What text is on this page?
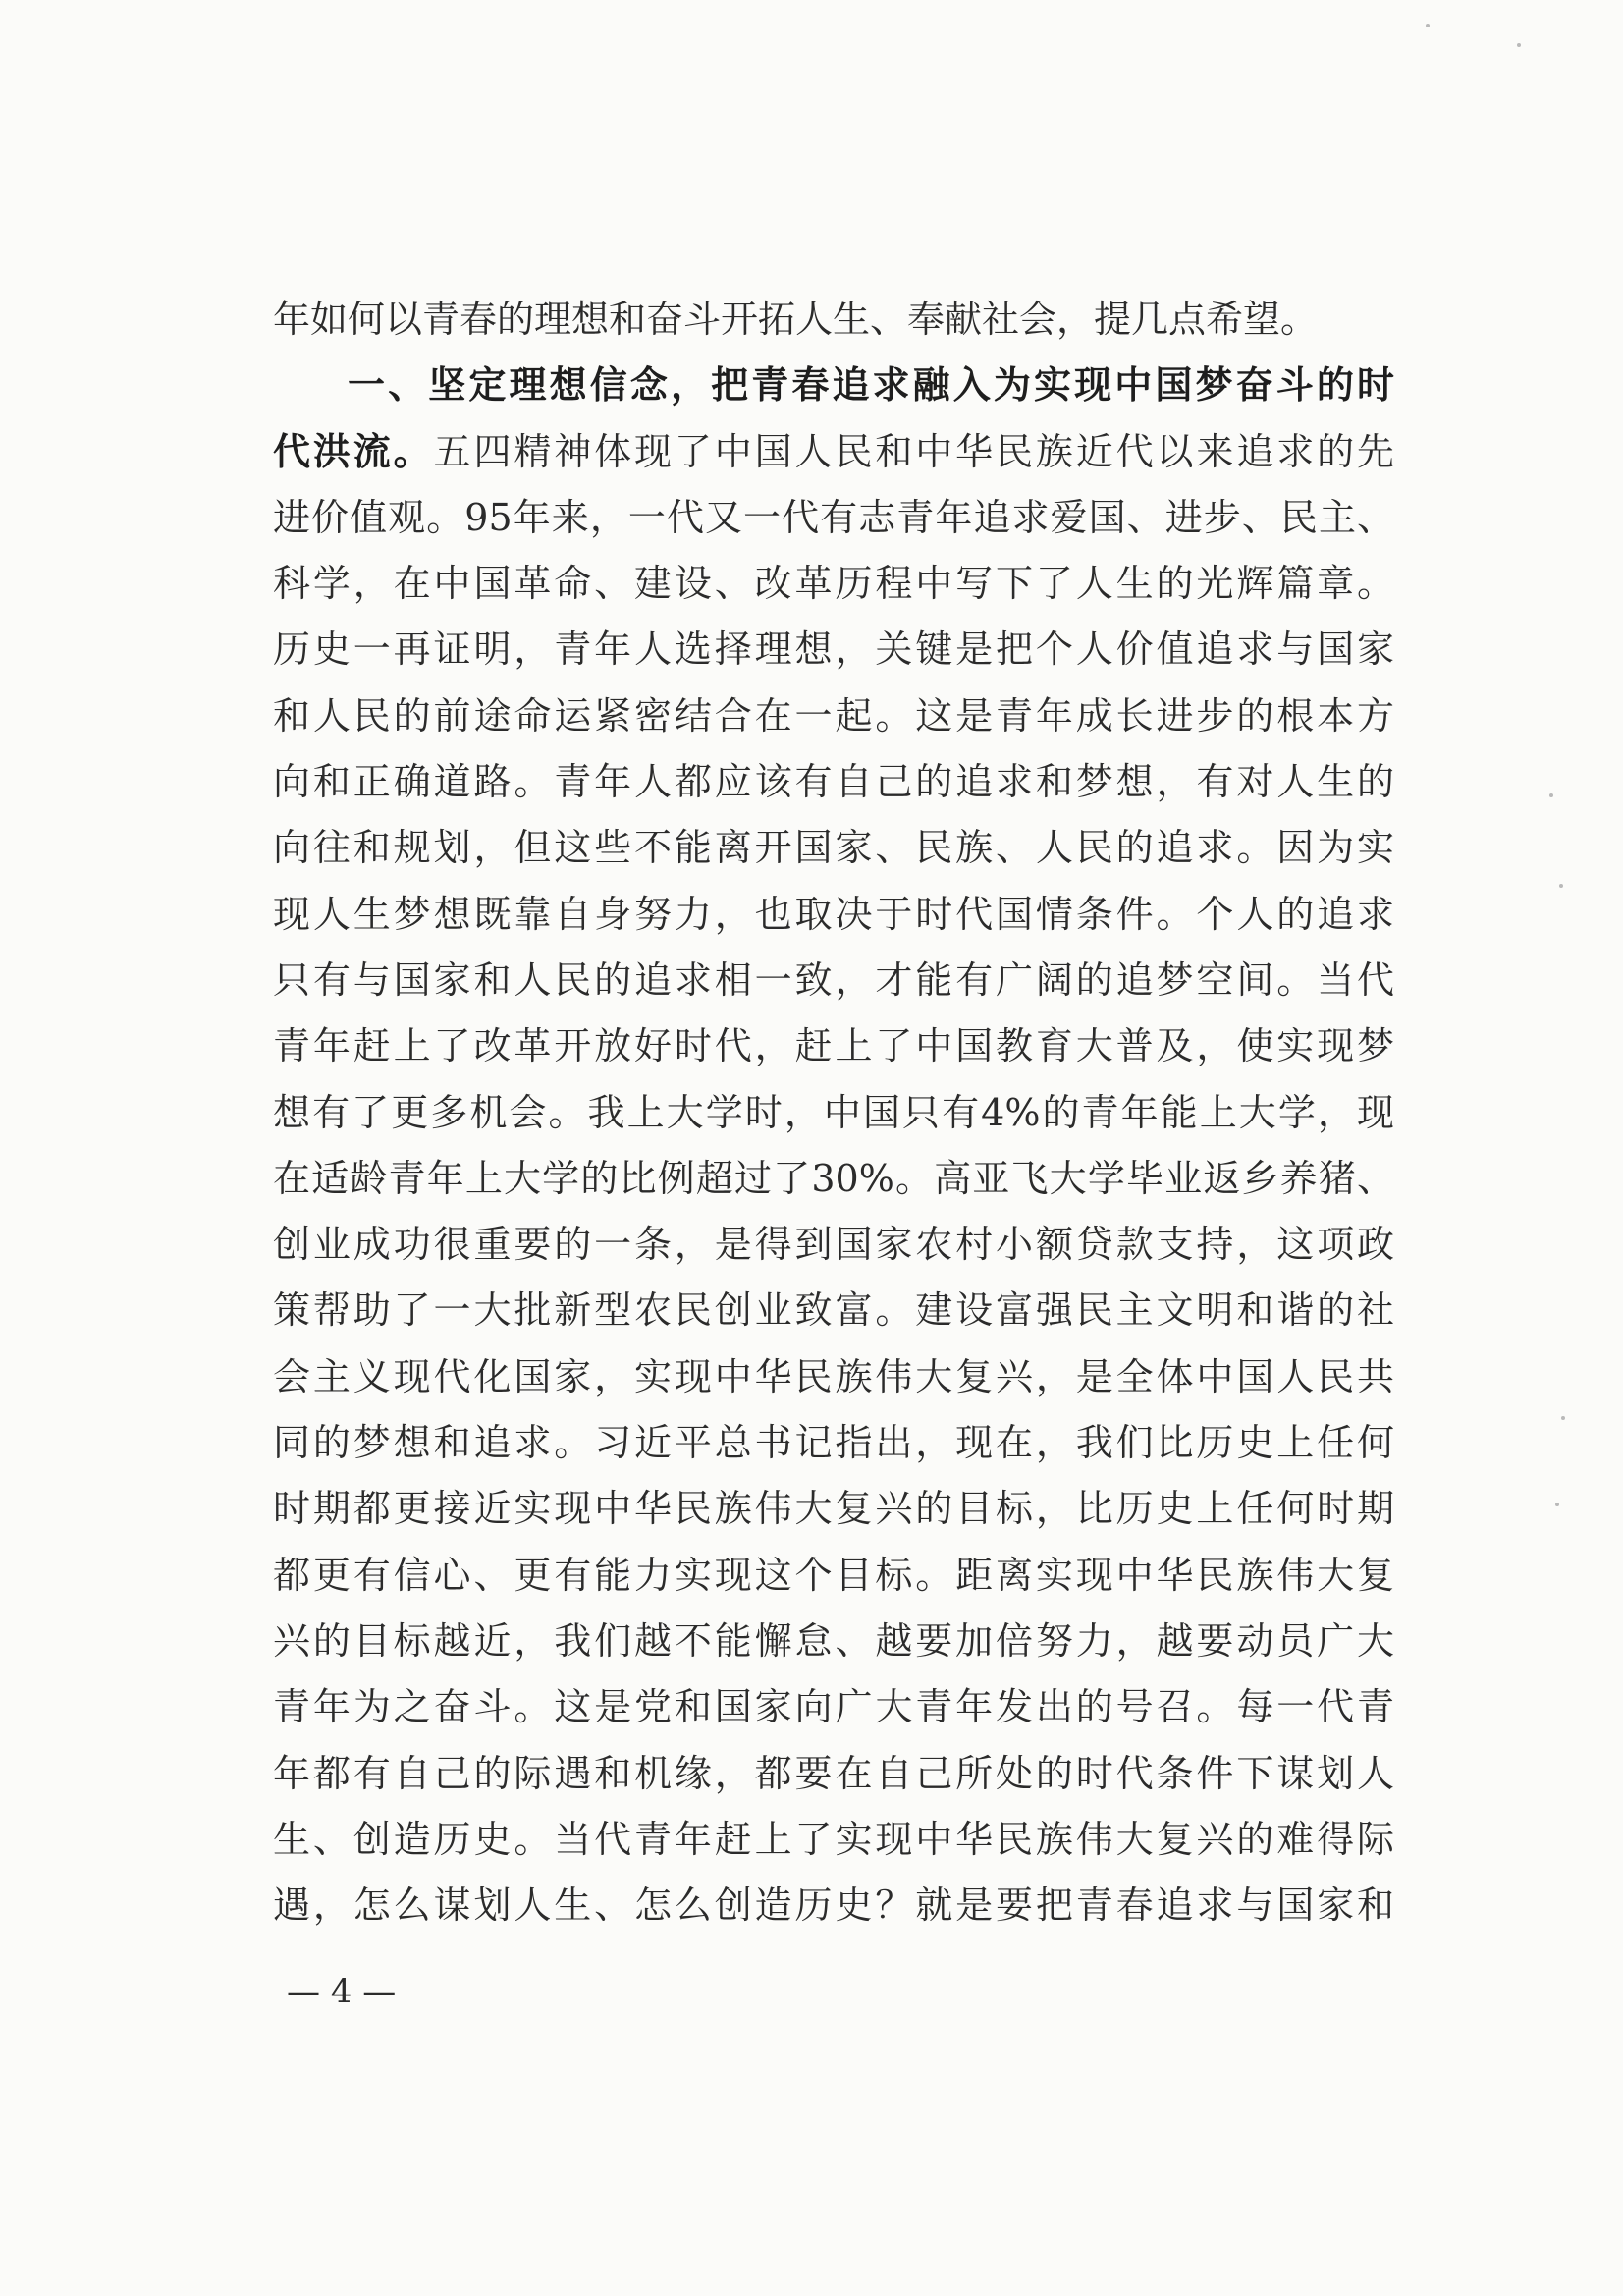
年如何以青春的理想和奋斗开拓人生、奉献社会，提几点希望。
一、坚定理想信念，把青春追求融入为实现中国梦奋斗的时
代洪流。五四精神体现了中国人民和中华民族近代以来追求的先
进价值观。95年来，一代又一代有志青年追求爱国、进步、民主、
科学，在中国革命、建设、改革历程中写下了人生的光辉篇章。
历史一再证明，青年人选择理想，关键是把个人价值追求与国家
和人民的前途命运紧密结合在一起。这是青年成长进步的根本方
向和正确道路。青年人都应该有自己的追求和梦想，有对人生的
向往和规划，但这些不能离开国家、民族、人民的追求。因为实
现人生梦想既靠自身努力，也取决于时代国情条件。个人的追求
只有与国家和人民的追求相一致，才能有广阔的追梦空间。当代
青年赶上了改革开放好时代，赶上了中国教育大普及，使实现梦
想有了更多机会。我上大学时，中国只有4%的青年能上大学，现
在适龄青年上大学的比例超过了30%。高亚飞大学毕业返乡养猪、
创业成功很重要的一条，是得到国家农村小额贷款支持，这项政
策帮助了一大批新型农民创业致富。建设富强民主文明和谐的社
会主义现代化国家，实现中华民族伟大复兴，是全体中国人民共
同的梦想和追求。习近平总书记指出，现在，我们比历史上任何
时期都更接近实现中华民族伟大复兴的目标，比历史上任何时期
都更有信心、更有能力实现这个目标。距离实现中华民族伟大复
兴的目标越近，我们越不能懈怠、越要加倍努力，越要动员广大
青年为之奋斗。这是党和国家向广大青年发出的号召。每一代青
年都有自己的际遇和机缘，都要在自己所处的时代条件下谋划人
生、创造历史。当代青年赶上了实现中华民族伟大复兴的难得际
遇，怎么谋划人生、怎么创造历史？就是要把青春追求与国家和
— 4 —
